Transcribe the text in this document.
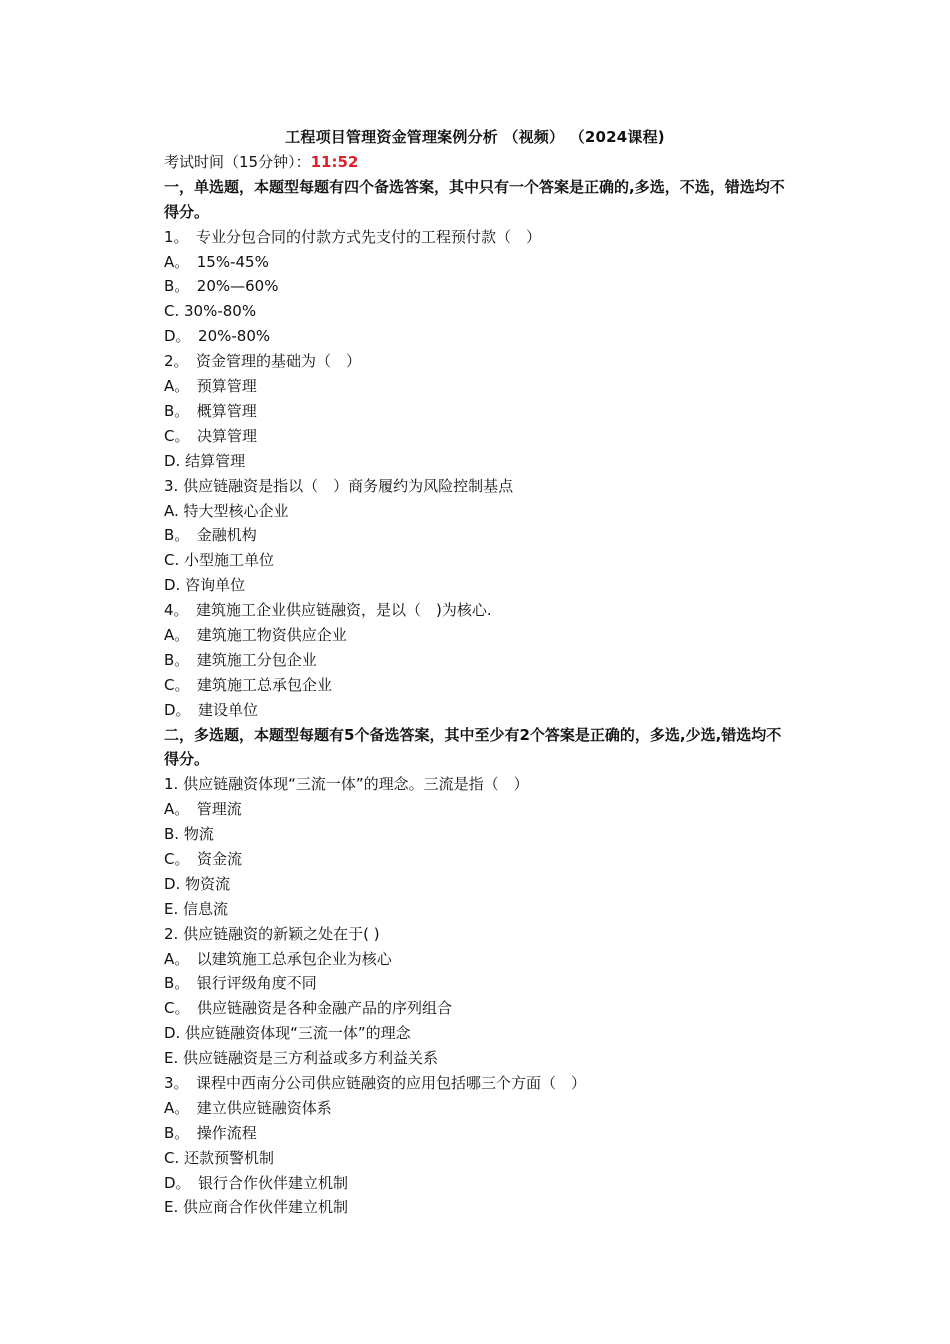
工程项目管理资金管理案例分析 （视频） （2024课程)
考试时间（15分钟）：11:52
一，单选题，本题型每题有四个备选答案，其中只有一个答案是正确的,多选，不选，错选均不得分。
1。　专业分包合同的付款方式先支付的工程预付款（　）
A。　15%-45%
B。　20%—60%
C. 30%-80%
D。　20%-80%
2。　资金管理的基础为（　）
A。　预算管理
B。　概算管理
C。　决算管理
D. 结算管理
3. 供应链融资是指以（　）商务履约为风险控制基点
A. 特大型核心企业
B。　金融机构
C. 小型施工单位
D. 咨询单位
4。　建筑施工企业供应链融资，是以（　)为核心.
A。　建筑施工物资供应企业
B。　建筑施工分包企业
C。　建筑施工总承包企业
D。　建设单位
二，多选题，本题型每题有5个备选答案，其中至少有2个答案是正确的，多选,少选,错选均不得分。
1. 供应链融资体现“三流一体”的理念。三流是指（　）
A。　管理流
B. 物流
C。　资金流
D. 物资流
E. 信息流
2. 供应链融资的新颖之处在于( )
A。　以建筑施工总承包企业为核心
B。　银行评级角度不同
C。　供应链融资是各种金融产品的序列组合
D. 供应链融资体现“三流一体”的理念
E. 供应链融资是三方利益或多方利益关系
3。　课程中西南分公司供应链融资的应用包括哪三个方面（　）
A。　建立供应链融资体系
B。　操作流程
C. 还款预警机制
D。　银行合作伙伴建立机制
E. 供应商合作伙伴建立机制
